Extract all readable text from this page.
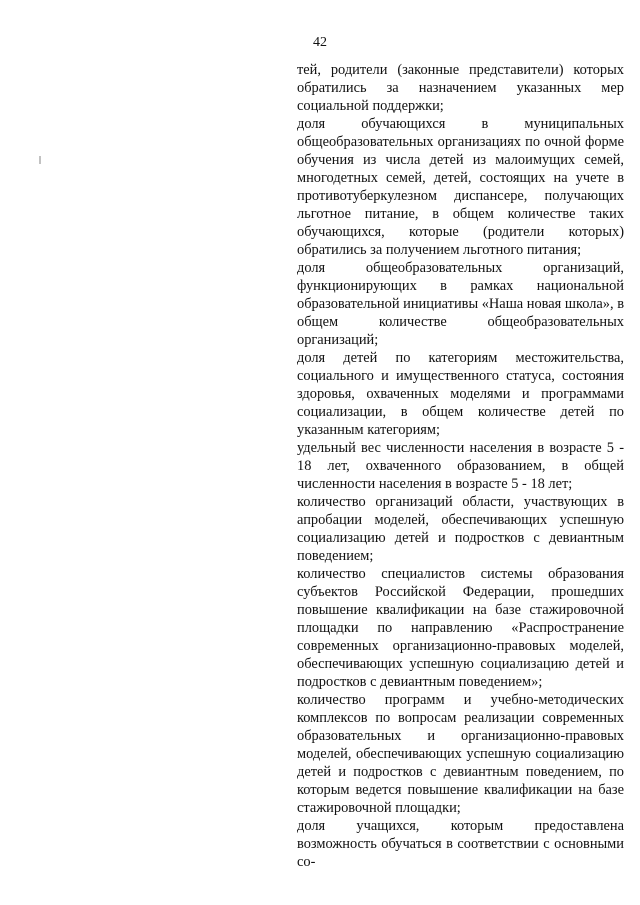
42

тей, родители (законные представители) которых обратились за назначением указанных мер социальной поддержки;

доля обучающихся в муниципальных общеобразовательных организациях по очной форме обучения из числа детей из малоимущих семей, многодетных семей, детей, состоящих на учете в противотуберкулезном диспансере, получающих льготное питание, в общем количестве таких обучающихся, которые (родители которых) обратились за получением льготного питания;

доля общеобразовательных организаций, функционирующих в рамках национальной образовательной инициативы «Наша новая школа», в общем количестве общеобразовательных организаций;

доля детей по категориям местожительства, социального и имущественного статуса, состояния здоровья, охваченных моделями и программами социализации, в общем количестве детей по указанным категориям;

удельный вес численности населения в возрасте 5 - 18 лет, охваченного образованием, в общей численности населения в возрасте 5 - 18 лет;

количество организаций области, участвующих в апробации моделей, обеспечивающих успешную социализацию детей и подростков с девиантным поведением;

количество специалистов системы образования субъектов Российской Федерации, прошедших повышение квалификации на базе стажировочной площадки по направлению «Распространение современных организационно-правовых моделей, обеспечивающих успешную социализацию детей и подростков с девиантным поведением»;

количество программ и учебно-методических комплексов по вопросам реализации современных образовательных и организационно-правовых моделей, обеспечивающих успешную социализацию детей и подростков с девиантным поведением, по которым ведется повышение квалификации на базе стажировочной площадки;

доля учащихся, которым предоставлена возможность обучаться в соответствии с основными со-
